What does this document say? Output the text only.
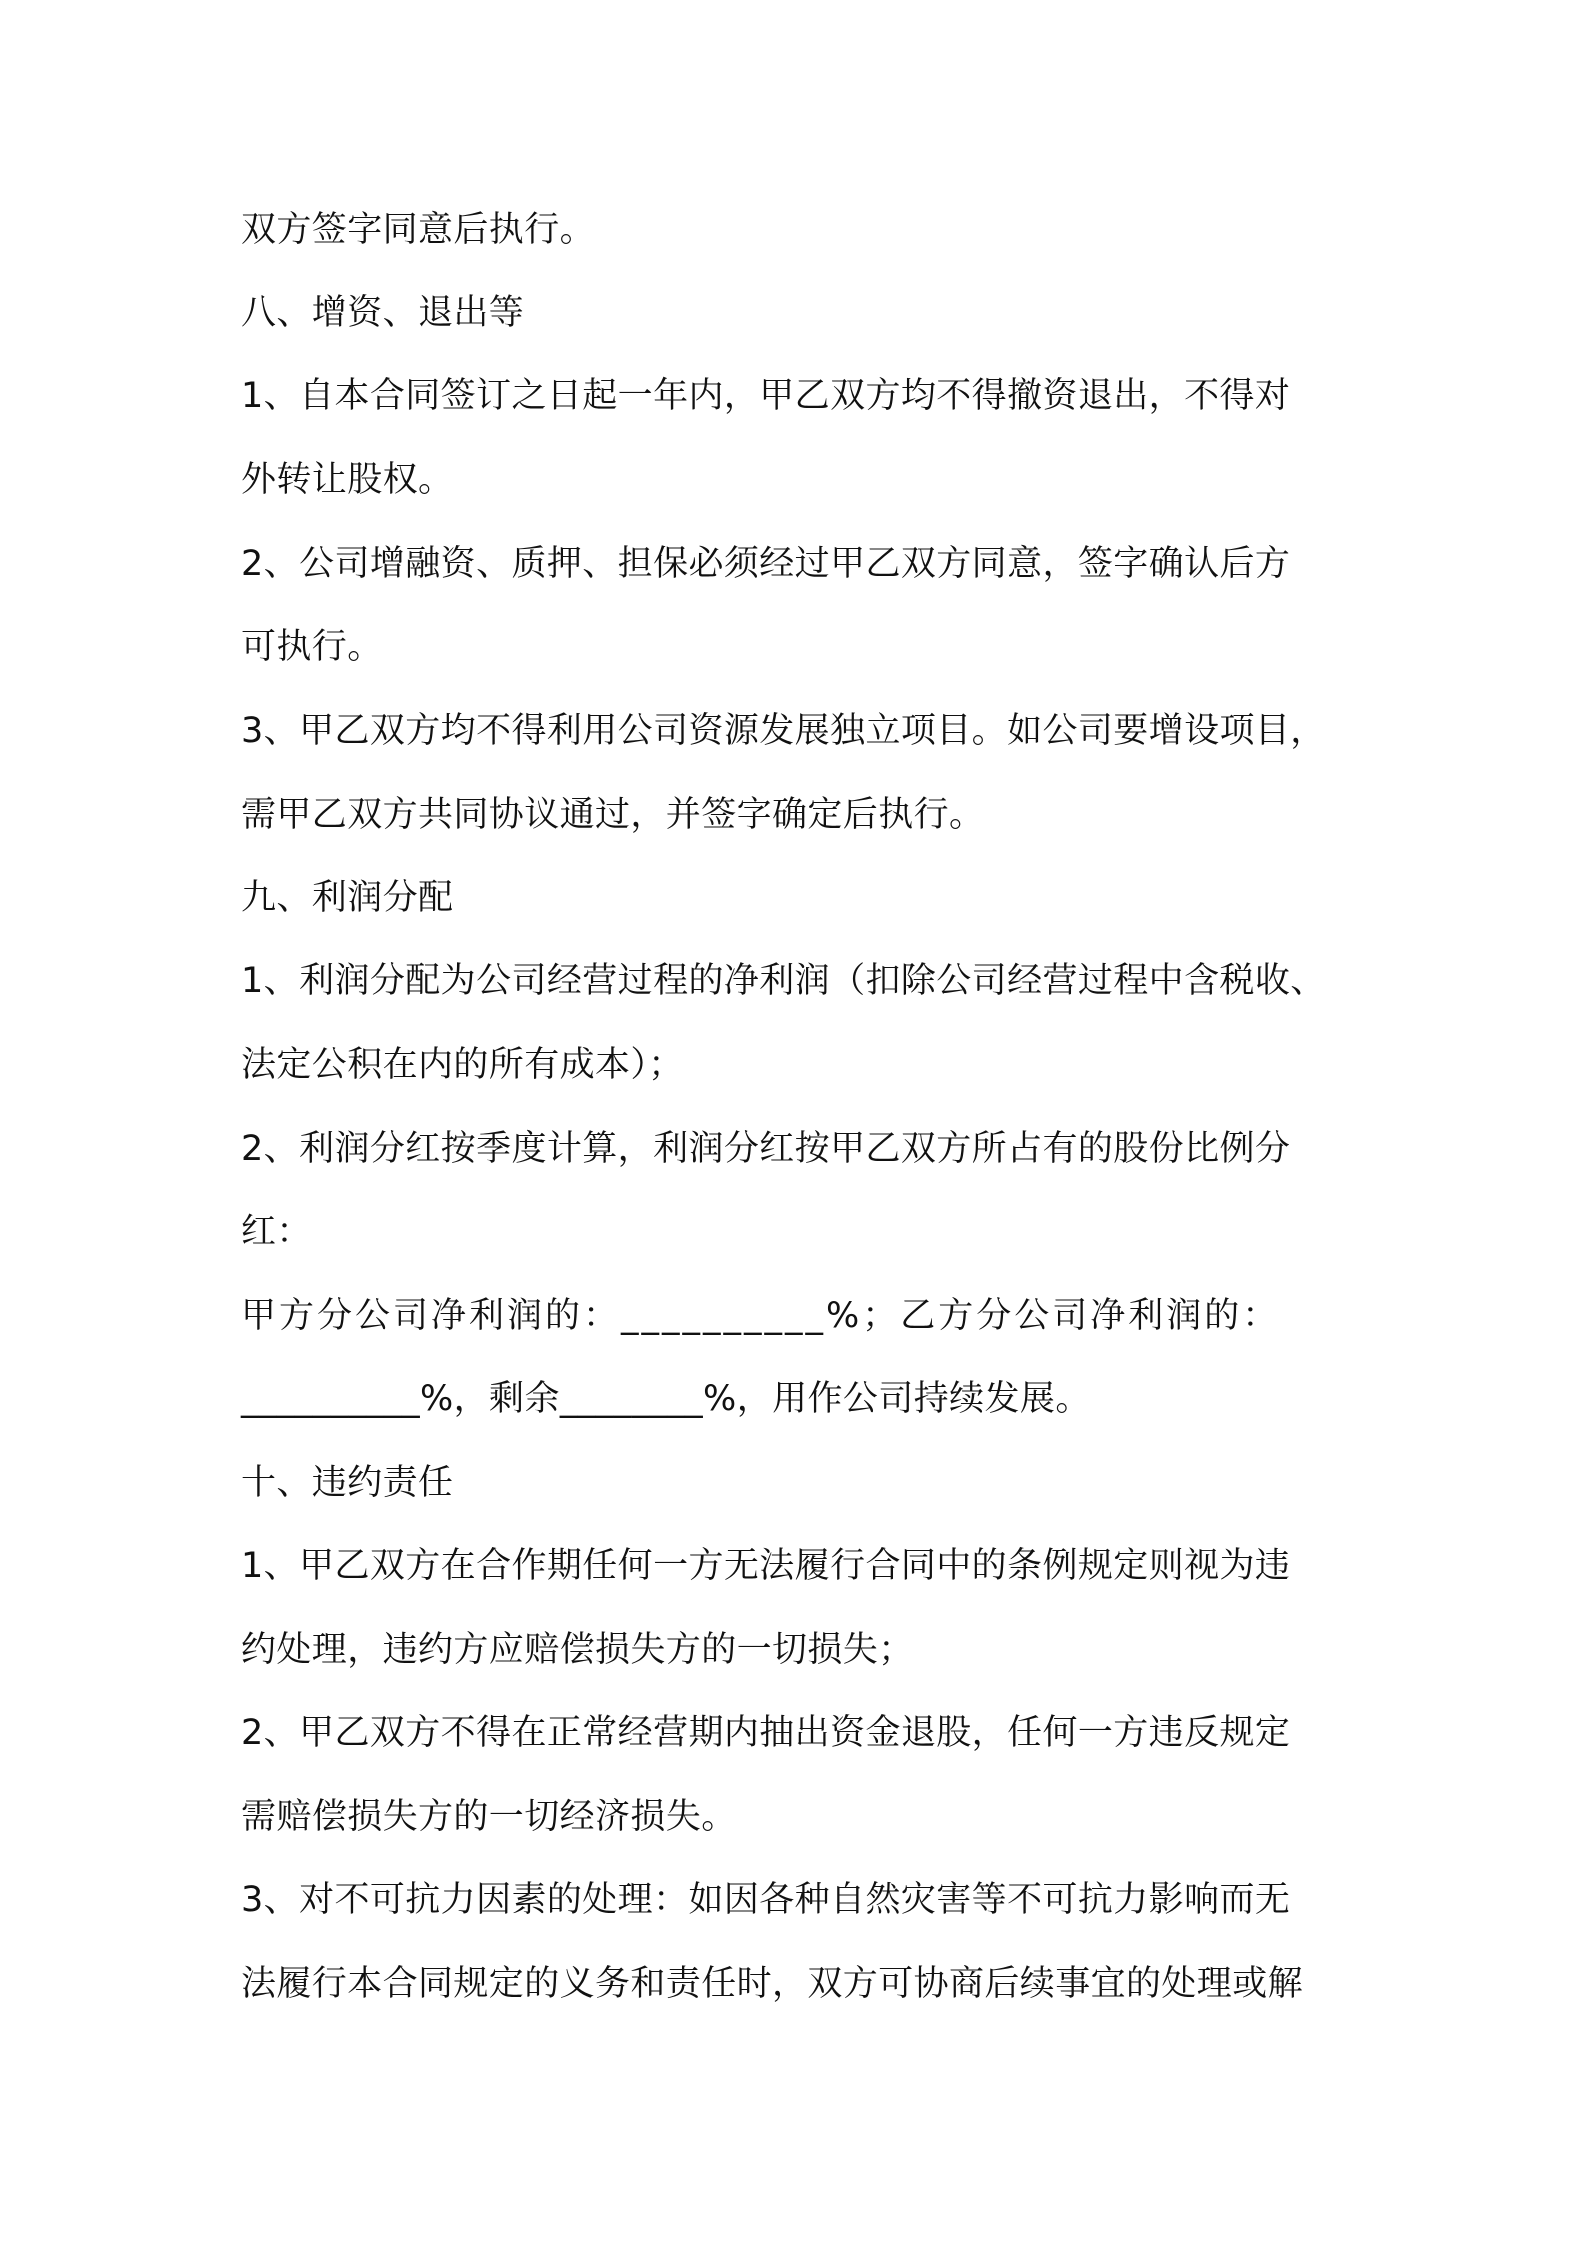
双方签字同意后执行。
八、增资、退出等
1、自本合同签订之日起一年内，甲乙双方均不得撤资退出，不得对
外转让股权。
2、公司增融资、质押、担保必须经过甲乙双方同意，签字确认后方
可执行。
3、甲乙双方均不得利用公司资源发展独立项目。如公司要增设项目，
需甲乙双方共同协议通过，并签字确定后执行。
九、利润分配
1、利润分配为公司经营过程的净利润（扣除公司经营过程中含税收、
法定公积在内的所有成本）；
2、利润分红按季度计算，利润分红按甲乙双方所占有的股份比例分
红：
甲方分公司净利润的：__________%；乙方分公司净利润的：
__________%，剩余________%，用作公司持续发展。
十、违约责任
1、甲乙双方在合作期任何一方无法履行合同中的条例规定则视为违
约处理，违约方应赔偿损失方的一切损失；
2、甲乙双方不得在正常经营期内抽出资金退股，任何一方违反规定
需赔偿损失方的一切经济损失。
3、对不可抗力因素的处理：如因各种自然灾害等不可抗力影响而无
法履行本合同规定的义务和责任时，双方可协商后续事宜的处理或解
